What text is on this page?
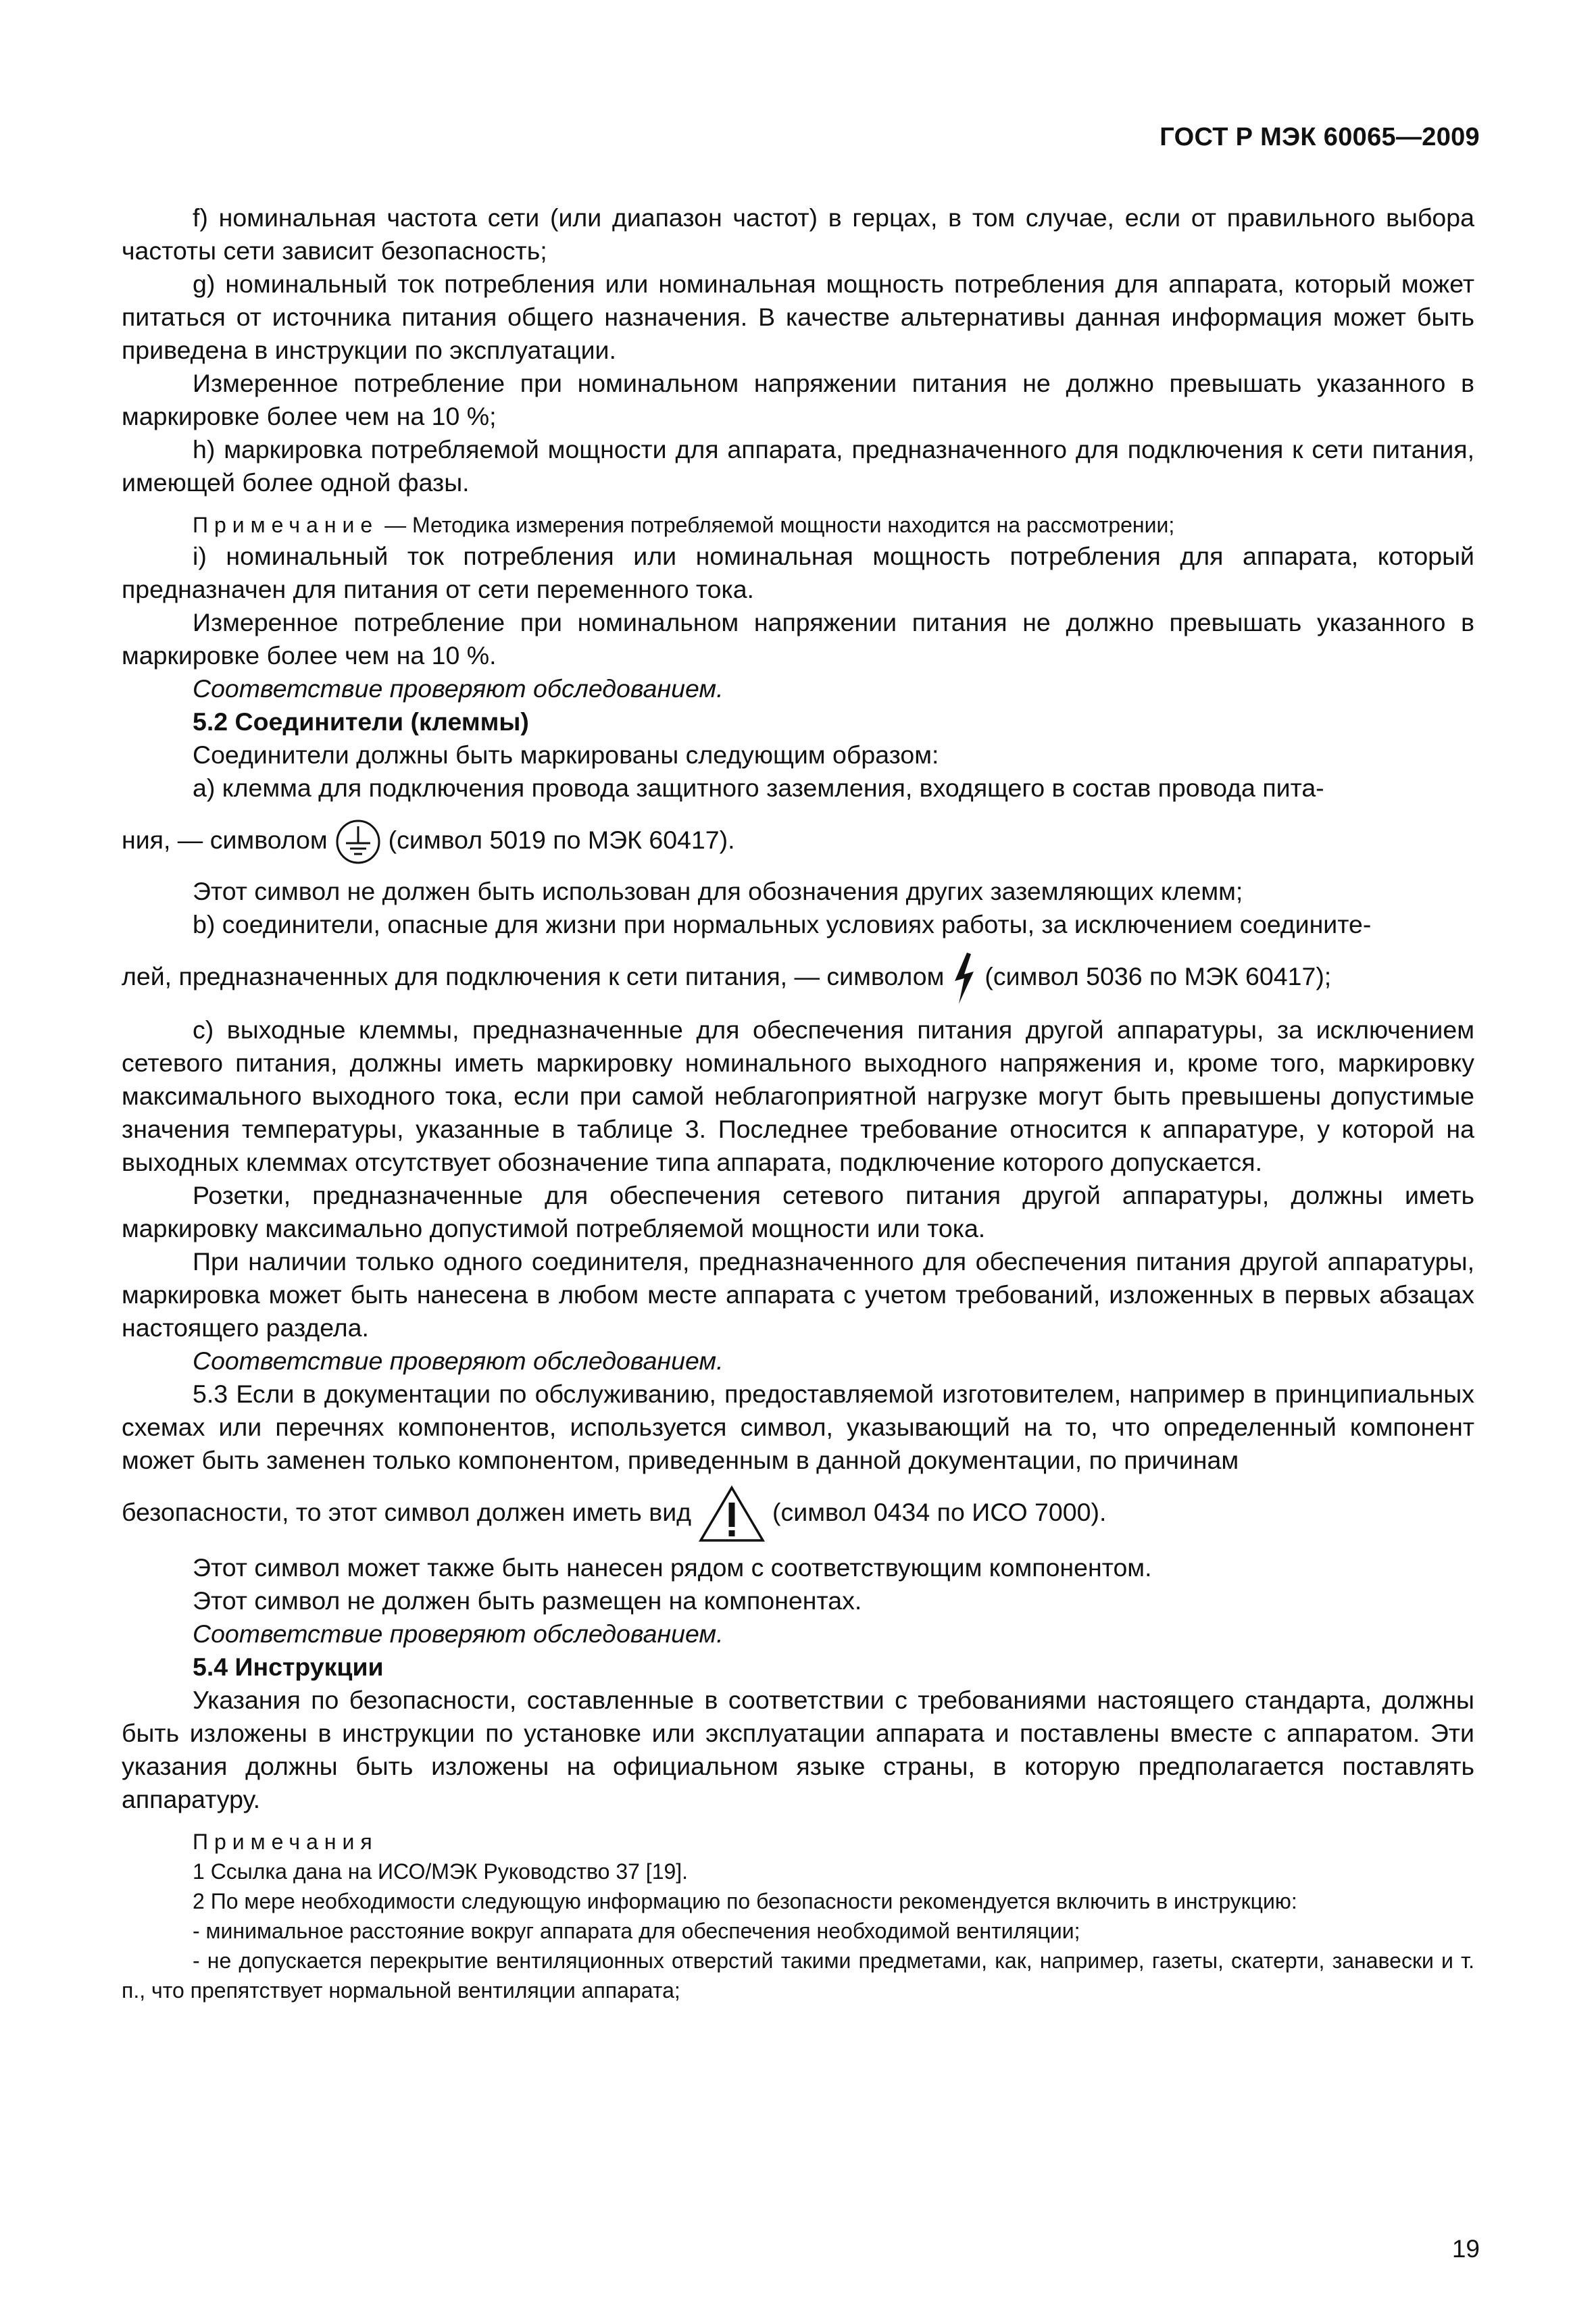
ГОСТ Р МЭК 60065—2009

f) номинальная частота сети (или диапазон частот) в герцах, в том случае, если от правильного выбора частоты сети зависит безопасность;

g) номинальный ток потребления или номинальная мощность потребления для аппарата, который может питаться от источника питания общего назначения. В качестве альтернативы данная информация может быть приведена в инструкции по эксплуатации.

Измеренное потребление при номинальном напряжении питания не должно превышать указанного в маркировке более чем на 10 %;

h) маркировка потребляемой мощности для аппарата, предназначенного для подключения к сети питания, имеющей более одной фазы.

Примечание — Методика измерения потребляемой мощности находится на рассмотрении;

i) номинальный ток потребления или номинальная мощность потребления для аппарата, который предназначен для питания от сети переменного тока.

Измеренное потребление при номинальном напряжении питания не должно превышать указанного в маркировке более чем на 10 %.

Соответствие проверяют обследованием.

5.2 Соединители (клеммы)

Соединители должны быть маркированы следующим образом:

a) клемма для подключения провода защитного заземления, входящего в состав провода пита-

ния, — символом (символ 5019 по МЭК 60417).

Этот символ не должен быть использован для обозначения других заземляющих клемм;

b) соединители, опасные для жизни при нормальных условиях работы, за исключением соедините-

лей, предназначенных для подключения к сети питания, — символом (символ 5036 по МЭК 60417);

c) выходные клеммы, предназначенные для обеспечения питания другой аппаратуры, за исключением сетевого питания, должны иметь маркировку номинального выходного напряжения и, кроме того, маркировку максимального выходного тока, если при самой неблагоприятной нагрузке могут быть превышены допустимые значения температуры, указанные в таблице 3. Последнее требование относится к аппаратуре, у которой на выходных клеммах отсутствует обозначение типа аппарата, подключение которого допускается.

Розетки, предназначенные для обеспечения сетевого питания другой аппаратуры, должны иметь маркировку максимально допустимой потребляемой мощности или тока.

При наличии только одного соединителя, предназначенного для обеспечения питания другой аппаратуры, маркировка может быть нанесена в любом месте аппарата с учетом требований, изложенных в первых абзацах настоящего раздела.

Соответствие проверяют обследованием.

5.3 Если в документации по обслуживанию, предоставляемой изготовителем, например в принципиальных схемах или перечнях компонентов, используется символ, указывающий на то, что определенный компонент может быть заменен только компонентом, приведенным в данной документации, по причинам

безопасности, то этот символ должен иметь вид	(символ 0434 по ИСО 7000).

Этот символ может также быть нанесен рядом с соответствующим компонентом.

Этот символ не должен быть размещен на компонентах.

Соответствие проверяют обследованием.

5.4 Инструкции

Указания по безопасности, составленные в соответствии с требованиями настоящего стандарта, должны быть изложены в инструкции по установке или эксплуатации аппарата и поставлены вместе с аппаратом. Эти указания должны быть изложены на официальном языке страны, в которую предполагается поставлять аппаратуру.

Примечания

1 Ссылка дана на ИСО/МЭК Руководство 37 [19].

2 По мере необходимости следующую информацию по безопасности рекомендуется включить в инструкцию:

- минимальное расстояние вокруг аппарата для обеспечения необходимой вентиляции;

- не допускается перекрытие вентиляционных отверстий такими предметами, как, например, газеты, скатерти, занавески и т. п., что препятствует нормальной вентиляции аппарата;

19
